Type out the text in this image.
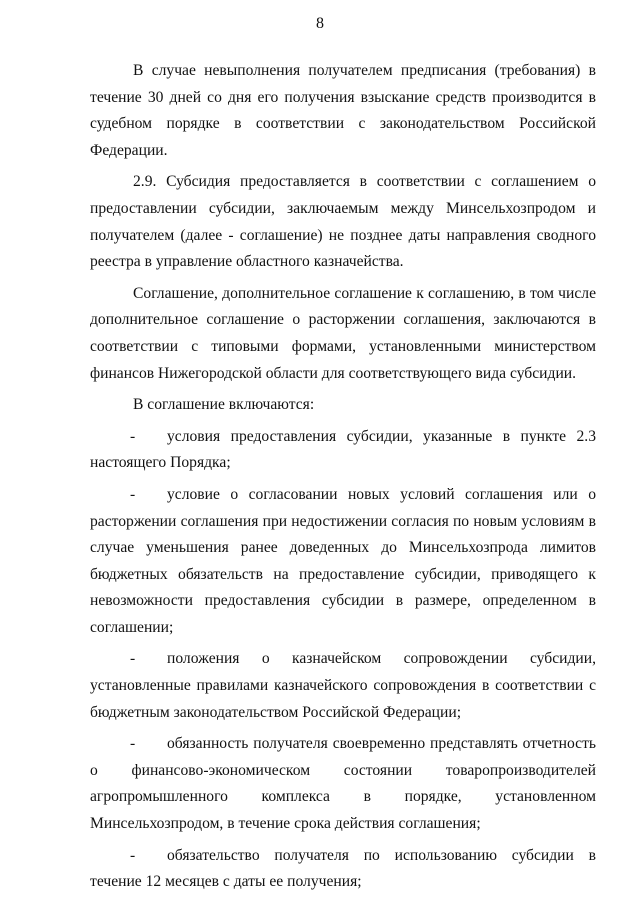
8

В случае невыполнения получателем предписания (требования) в течение 30 дней со дня его получения взыскание средств производится в судебном порядке в соответствии с законодательством Российской Федерации.

2.9. Субсидия предоставляется в соответствии с соглашением о предоставлении субсидии, заключаемым между Минсельхозпродом и получателем (далее - соглашение) не позднее даты направления сводного реестра в управление областного казначейства.

Соглашение, дополнительное соглашение к соглашению, в том числе дополнительное соглашение о расторжении соглашения, заключаются в соответствии с типовыми формами, установленными министерством финансов Нижегородской области для соответствующего вида субсидии.

В соглашение включаются:

- условия предоставления субсидии, указанные в пункте 2.3 настоящего Порядка;

- условие о согласовании новых условий соглашения или о расторжении соглашения при недостижении согласия по новым условиям в случае уменьшения ранее доведенных до Минсельхозпрода лимитов бюджетных обязательств на предоставление субсидии, приводящего к невозможности предоставления субсидии в размере, определенном в соглашении;

- положения о казначейском сопровождении субсидии, установленные правилами казначейского сопровождения в соответствии с бюджетным законодательством Российской Федерации;

- обязанность получателя своевременно представлять отчетность о финансово-экономическом состоянии товаропроизводителей агропромышленного комплекса в порядке, установленном Минсельхозпродом, в течение срока действия соглашения;

- обязательство получателя по использованию субсидии в течение 12 месяцев с даты ее получения;
